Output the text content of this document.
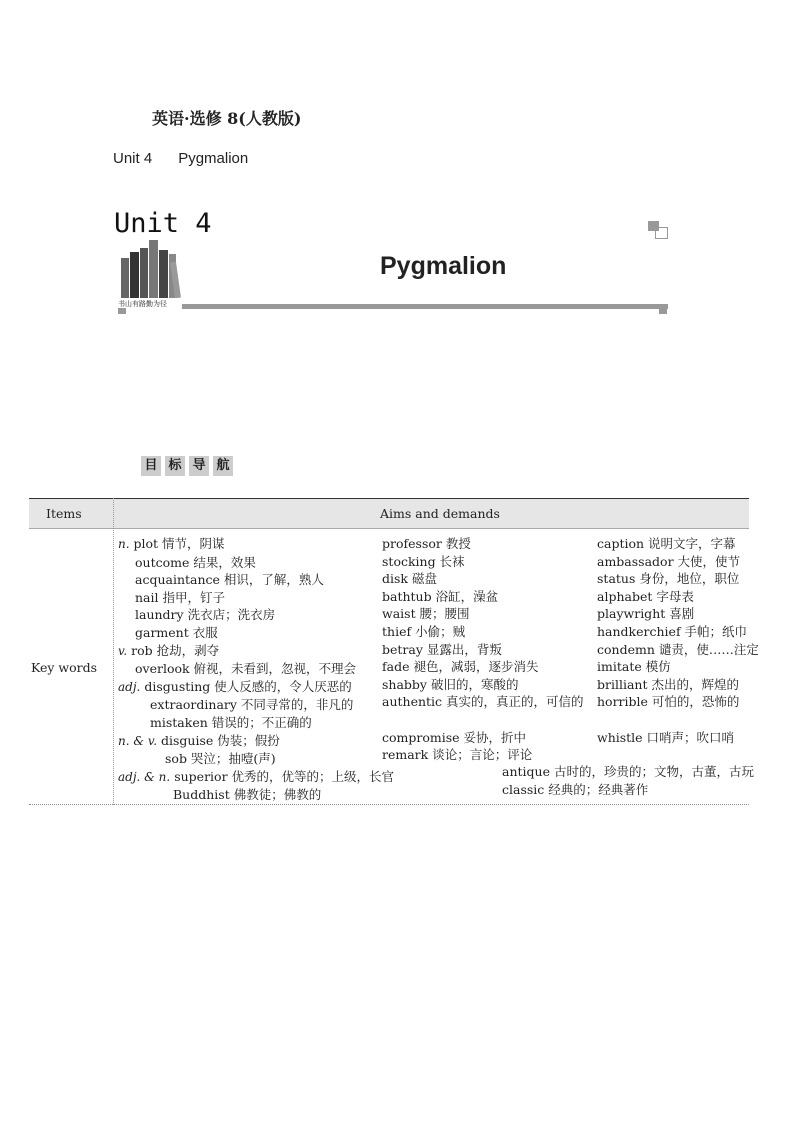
英语·选修 8(人教版)
Unit 4 Pygmalion
Unit 4
Pygmalion
书山有路勤为径
目 标 导 航
Items	Aims and demands
Key words
n. plot 情节，阴谋
outcome 结果，效果
acquaintance 相识，了解，熟人
nail 指甲，钉子
laundry 洗衣店；洗衣房
garment 衣服
v. rob 抢劫，剥夺
overlook 俯视，未看到，忽视，不理会
adj. disgusting 使人反感的，令人厌恶的
extraordinary 不同寻常的，非凡的
mistaken 错误的；不正确的
n. & v. disguise 伪装；假扮
sob 哭泣；抽噎(声)
adj. & n. superior 优秀的，优等的；上级，长官
Buddhist 佛教徒；佛教的
professor 教授
stocking 长袜
disk 磁盘
bathtub 浴缸，澡盆
waist 腰；腰围
thief 小偷；贼
betray 显露出，背叛
fade 褪色，减弱，逐步消失
shabby 破旧的，寒酸的
authentic 真实的，真正的，可信的
compromise 妥协，折中
remark 谈论；言论；评论
caption 说明文字，字幕
ambassador 大使，使节
status 身份，地位，职位
alphabet 字母表
playwright 喜剧
handkerchief 手帕；纸巾
condemn 谴责，使……注定
imitate 模仿
brilliant 杰出的，辉煌的
horrible 可怕的，恐怖的
whistle 口哨声；吹口哨
antique 古时的，珍贵的；文物，古董，古玩
classic 经典的；经典著作
